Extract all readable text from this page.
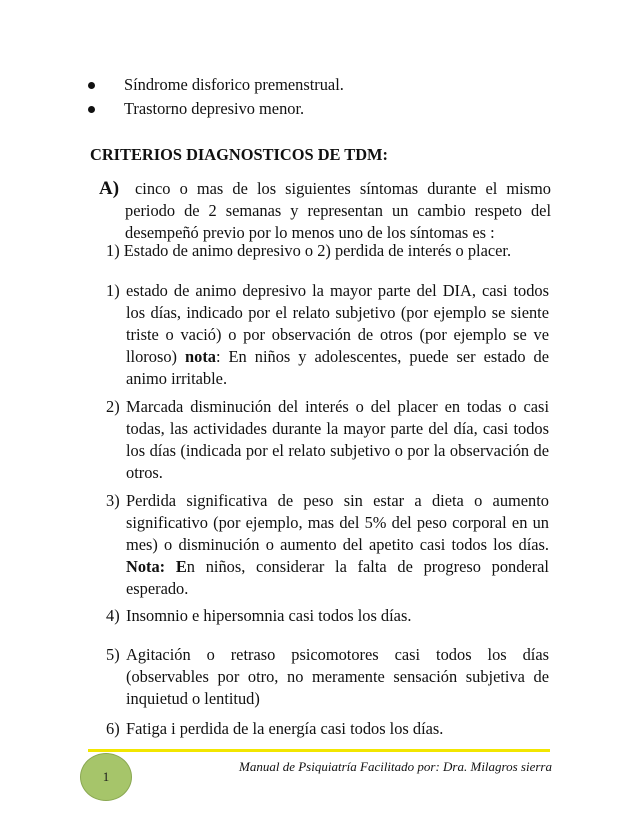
Síndrome disforico premenstrual.
Trastorno depresivo menor.
CRITERIOS DIAGNOSTICOS DE TDM:
A) cinco o mas de los siguientes síntomas durante el mismo periodo de 2 semanas y representan un cambio respeto del desempeñó previo por lo menos uno de los síntomas es :
1) Estado de animo depresivo o 2) perdida de interés o placer.
1) estado de animo depresivo la mayor parte del DIA, casi todos los días, indicado por el relato subjetivo (por ejemplo se siente triste o vació) o por observación de otros (por ejemplo se ve lloroso) nota: En niños y adolescentes, puede ser estado de animo irritable.
2) Marcada disminución del interés o del placer en todas o casi todas, las actividades durante la mayor parte del día, casi todos los días (indicada por el relato subjetivo o por la observación de otros.
3) Perdida significativa de peso sin estar a dieta o aumento significativo (por ejemplo, mas del 5% del peso corporal en un mes) o disminución o aumento del apetito casi todos los días. Nota: En niños, considerar la falta de progreso ponderal esperado.
4) Insomnio e hipersomnia casi todos los días.
5) Agitación o retraso psicomotores casi todos los días (observables por otro, no meramente sensación subjetiva de inquietud o lentitud)
6) Fatiga i perdida de la energía casi todos los días.
1
Manual de Psiquiatría Facilitado por: Dra. Milagros sierra
